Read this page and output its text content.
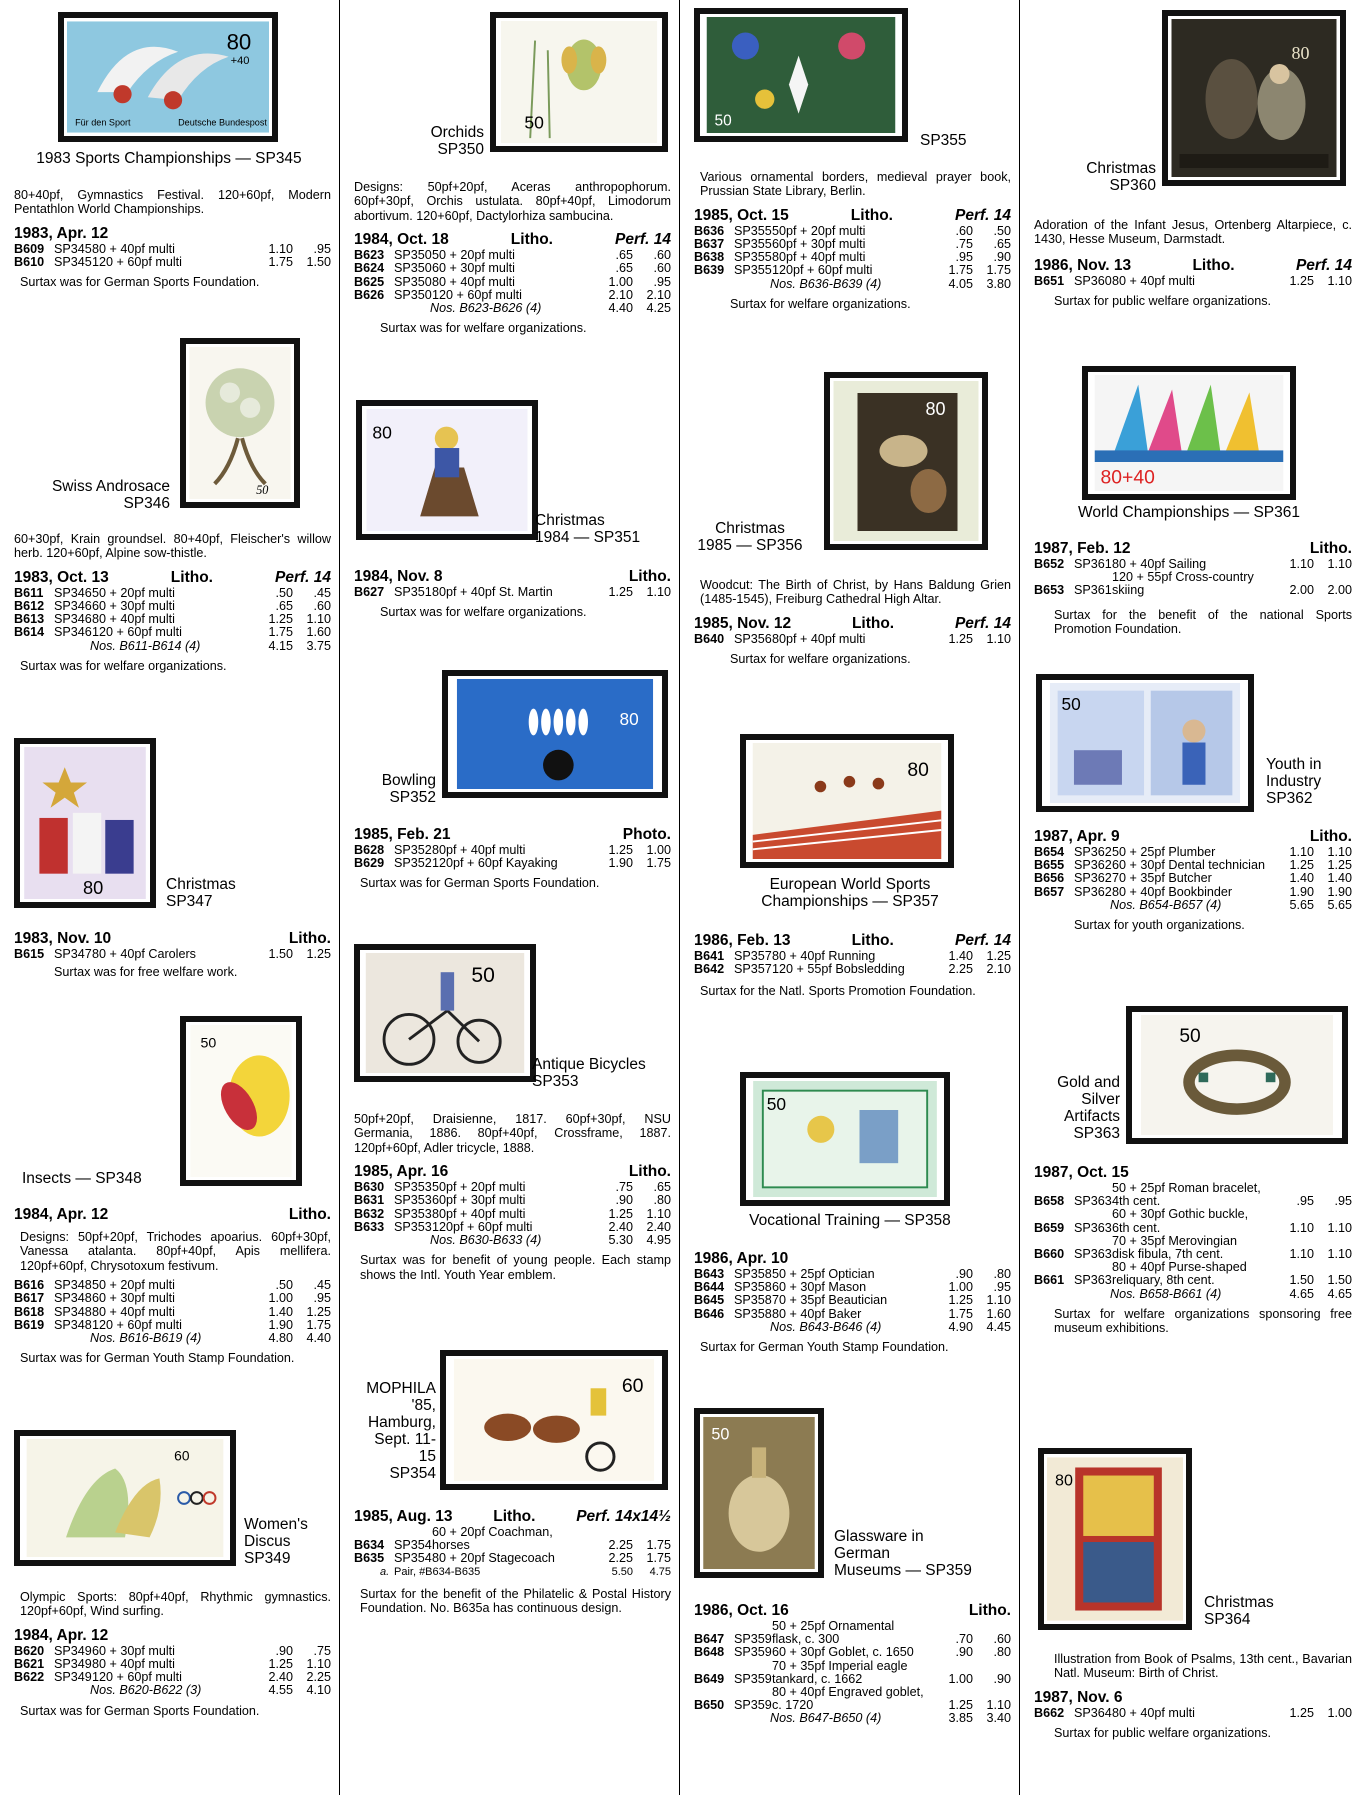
80
+40
Für den Sport	Deutsche Bundespost
1983 Sports Championships — SP345
80+40pf, Gymnastics Festival. 120+60pf, Modern Pentathlon World Championships.
1983, Apr. 12
B609	SP345	80 + 40pf multi	1.10	.95
B610	SP345	120 + 60pf multi	1.75	1.50
Surtax was for German Sports Foundation.
50
Swiss Androsace
SP346
60+30pf, Krain groundsel. 80+40pf, Fleischer's willow herb. 120+60pf, Alpine sow-thistle.
1983, Oct. 13	Litho.	Perf. 14
B611	SP346	50 + 20pf multi	.50	.45
B612	SP346	60 + 30pf multi	.65	.60
B613	SP346	80 + 40pf multi	1.25	1.10
B614	SP346	120 + 60pf multi	1.75	1.60
	Nos. B611-B614 (4)		4.15	3.75
Surtax was for welfare organizations.
80	Christmas
SP347
1983, Nov. 10	Litho.
B615	SP347	80 + 40pf Carolers	1.50	1.25
Surtax was for free welfare work.
50
Insects — SP348
1984, Apr. 12	Litho.
Designs: 50pf+20pf, Trichodes apoarius. 60pf+30pf, Vanessa atalanta. 80pf+40pf, Apis mellifera. 120pf+60pf, Chrysotoxum festivum.
B616	SP348	50 + 20pf multi	.50	.45
B617	SP348	60 + 30pf multi	1.00	.95
B618	SP348	80 + 40pf multi	1.40	1.25
B619	SP348	120 + 60pf multi	1.90	1.75
	Nos. B616-B619 (4)		4.80	4.40
Surtax was for German Youth Stamp Foundation.
60
Women's
Discus
SP349
Olympic Sports: 80pf+40pf, Rhythmic gymnastics. 120pf+60pf, Wind surfing.
1984, Apr. 12
B620	SP349	60 + 30pf multi	.90	.75
B621	SP349	80 + 40pf multi	1.25	1.10
B622	SP349	120 + 60pf multi	2.40	2.25
	Nos. B620-B622 (3)		4.55	4.10
Surtax was for German Sports Foundation.
50
Orchids
SP350
Designs: 50pf+20pf, Aceras anthropophorum. 60pf+30pf, Orchis ustulata. 80pf+40pf, Limodorum abortivum. 120+60pf, Dactylorhiza sambucina.
1984, Oct. 18	Litho.	Perf. 14
B623	SP350	50 + 20pf multi	.65	.60
B624	SP350	60 + 30pf multi	.65	.60
B625	SP350	80 + 40pf multi	1.00	.95
B626	SP350	120 + 60pf multi	2.10	2.10
	Nos. B623-B626 (4)		4.40	4.25
Surtax was for welfare organizations.
80
Christmas
1984 — SP351
1984, Nov. 8	Litho.
B627	SP351	80pf + 40pf St. Martin	1.25	1.10
Surtax was for welfare organizations.
80
Bowling
SP352
1985, Feb. 21	Photo.
B628	SP352	80pf + 40pf multi	1.25	1.00
B629	SP352	120pf + 60pf Kayaking	1.90	1.75
Surtax was for German Sports Foundation.
50
Antique Bicycles
SP353
50pf+20pf, Draisienne, 1817. 60pf+30pf, NSU Germania, 1886. 80pf+40pf, Crossframe, 1887. 120pf+60pf, Adler tricycle, 1888.
1985, Apr. 16	Litho.
B630	SP353	50pf + 20pf multi	.75	.65
B631	SP353	60pf + 30pf multi	.90	.80
B632	SP353	80pf + 40pf multi	1.25	1.10
B633	SP353	120pf + 60pf multi	2.40	2.40
	Nos. B630-B633 (4)		5.30	4.95
Surtax was for benefit of young people. Each stamp shows the Intl. Youth Year emblem.
60
MOPHILA
'85,
Hamburg,
Sept. 11-
15
SP354
1985, Aug. 13	Litho.	Perf. 14x14½
B634	SP354	60 + 20pf Coachman, horses	2.25	1.75
B635	SP354	80 + 20pf Stagecoach	2.25	1.75
a.	Pair, #B634-B635		5.50	4.75
Surtax for the benefit of the Philatelic & Postal History Foundation. No. B635a has continuous design.
50
SP355
Various ornamental borders, medieval prayer book, Prussian State Library, Berlin.
1985, Oct. 15	Litho.	Perf. 14
B636	SP355	50pf + 20pf multi	.60	.50
B637	SP355	60pf + 30pf multi	.75	.65
B638	SP355	80pf + 40pf multi	.95	.90
B639	SP355	120pf + 60pf multi	1.75	1.75
	Nos. B636-B639 (4)		4.05	3.80
Surtax for welfare organizations.
80
Christmas
1985 — SP356
Woodcut: The Birth of Christ, by Hans Baldung Grien (1485-1545), Freiburg Cathedral High Altar.
1985, Nov. 12	Litho.	Perf. 14
B640	SP356	80pf + 40pf multi	1.25	1.10
Surtax for welfare organizations.
80
European World Sports
Championships — SP357
1986, Feb. 13	Litho.	Perf. 14
B641	SP357	80 + 40pf Running	1.40	1.25
B642	SP357	120 + 55pf Bobsledding	2.25	2.10
Surtax for the Natl. Sports Promotion Foundation.
50
Vocational Training — SP358
1986, Apr. 10
B643	SP358	50 + 25pf Optician	.90	.80
B644	SP358	60 + 30pf Mason	1.00	.95
B645	SP358	70 + 35pf Beautician	1.25	1.10
B646	SP358	80 + 40pf Baker	1.75	1.60
	Nos. B643-B646 (4)		4.90	4.45
Surtax for German Youth Stamp Foundation.
50
Glassware in
German
Museums — SP359
1986, Oct. 16	Litho.
B647	SP359	50 + 25pf Ornamental flask, c. 300	.70	.60
B648	SP359	60 + 30pf Goblet, c. 1650	.90	.80
B649	SP359	70 + 35pf Imperial eagle tankard, c. 1662	1.00	.90
B650	SP359	80 + 40pf Engraved goblet, c. 1720	1.25	1.10
	Nos. B647-B650 (4)		3.85	3.40
80
Christmas
SP360
Adoration of the Infant Jesus, Ortenberg Altarpiece, c. 1430, Hesse Museum, Darmstadt.
1986, Nov. 13	Litho.	Perf. 14
B651	SP360	80 + 40pf multi	1.25	1.10
Surtax for public welfare organizations.
80+40
World Championships — SP361
1987, Feb. 12	Litho.
B652	SP361	80 + 40pf Sailing	1.10	1.10
B653	SP361	120 + 55pf Cross-country skiing	2.00	2.00
Surtax for the benefit of the national Sports Promotion Foundation.
50
Youth in
Industry
SP362
1987, Apr. 9	Litho.
B654	SP362	50 + 25pf Plumber	1.10	1.10
B655	SP362	60 + 30pf Dental technician	1.25	1.25
B656	SP362	70 + 35pf Butcher	1.40	1.40
B657	SP362	80 + 40pf Bookbinder	1.90	1.90
	Nos. B654-B657 (4)		5.65	5.65
Surtax for youth organizations.
50
Gold and
Silver
Artifacts
SP363
1987, Oct. 15
B658	SP363	50 + 25pf Roman bracelet, 4th cent.	.95	.95
B659	SP363	60 + 30pf Gothic buckle, 6th cent.	1.10	1.10
B660	SP363	70 + 35pf Merovingian disk fibula, 7th cent.	1.10	1.10
B661	SP363	80 + 40pf Purse-shaped reliquary, 8th cent.	1.50	1.50
	Nos. B658-B661 (4)		4.65	4.65
Surtax for welfare organizations sponsoring free museum exhibitions.
80
Christmas
SP364
Illustration from Book of Psalms, 13th cent., Bavarian Natl. Museum: Birth of Christ.
1987, Nov. 6
B662	SP364	80 + 40pf multi	1.25	1.00
Surtax for public welfare organizations.
